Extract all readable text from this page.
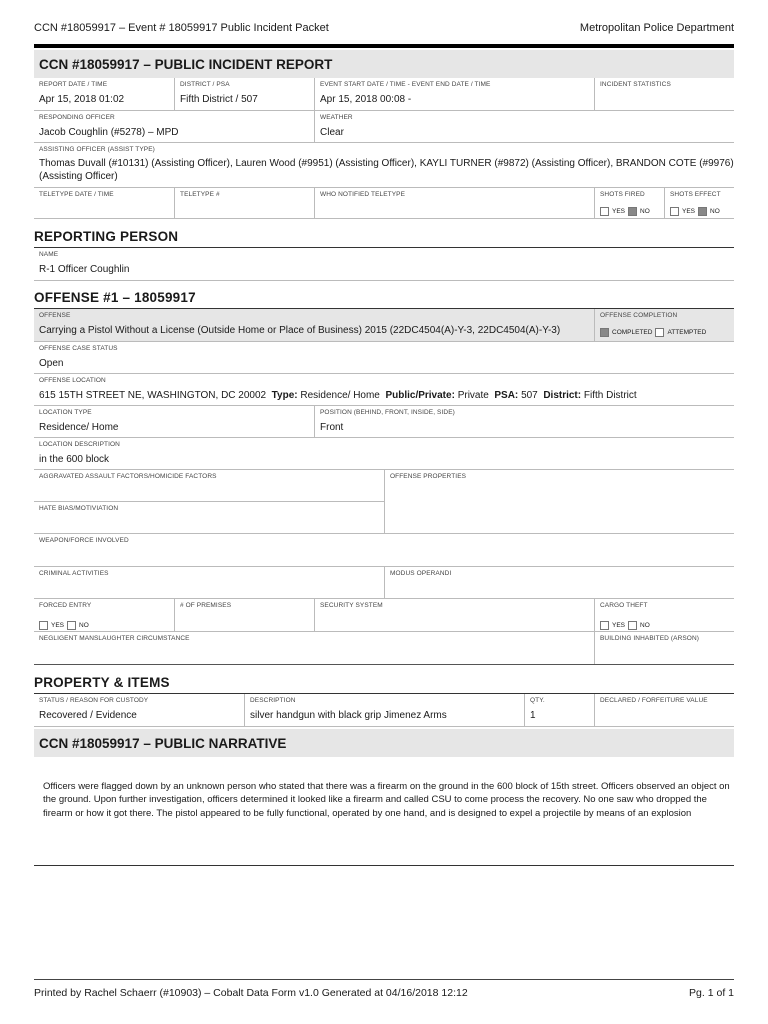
CCN #18059917 – Event # 18059917 Public Incident Packet	Metropolitan Police Department
CCN #18059917 – PUBLIC INCIDENT REPORT
REPORT DATE / TIME
Apr 15, 2018 01:02
DISTRICT / PSA
Fifth District / 507
EVENT START DATE / TIME - EVENT END DATE / TIME
Apr 15, 2018 00:08 -
INCIDENT STATISTICS
RESPONDING OFFICER
Jacob Coughlin (#5278) – MPD
WEATHER
Clear
ASSISTING OFFICER (ASSIST TYPE)
Thomas Duvall (#10131) (Assisting Officer), Lauren Wood (#9951) (Assisting Officer), KAYLI TURNER (#9872) (Assisting Officer), BRANDON COTE (#9976) (Assisting Officer)
TELETYPE DATE / TIME	TELETYPE #	WHO NOTIFIED TELETYPE	SHOTS FIRED
YES NO
SHOTS EFFECT
YES NO
REPORTING PERSON
NAME
R-1 Officer Coughlin
OFFENSE #1 – 18059917
OFFENSE
Carrying a Pistol Without a License (Outside Home or Place of Business) 2015 (22DC4504(A)-Y-3, 22DC4504(A)-Y-3)
OFFENSE COMPLETION
COMPLETED ATTEMPTED
OFFENSE CASE STATUS
Open
OFFENSE LOCATION
615 15TH STREET NE, WASHINGTON, DC 20002 Type: Residence/ Home Public/Private: Private PSA: 507 District: Fifth District
LOCATION TYPE
Residence/ Home
POSITION (BEHIND, FRONT, INSIDE, SIDE)
Front
LOCATION DESCRIPTION
in the 600 block
AGGRAVATED ASSAULT FACTORS/HOMICIDE FACTORS
HATE BIAS/MOTIVIATION
OFFENSE PROPERTIES
WEAPON/FORCE INVOLVED
CRIMINAL ACTIVITIES	MODUS OPERANDI
FORCED ENTRY
YES NO
# OF PREMISES	SECURITY SYSTEM	CARGO THEFT
YES NO
NEGLIGENT MANSLAUGHTER CIRCUMSTANCE	BUILDING INHABITED (ARSON)
PROPERTY & ITEMS
STATUS / REASON FOR CUSTODY
Recovered / Evidence
DESCRIPTION
silver handgun with black grip Jimenez Arms
QTY.
1
DECLARED / FORFEITURE VALUE
CCN #18059917 – PUBLIC NARRATIVE
Officers were flagged down by an unknown person who stated that there was a firearm on the ground in the 600 block of 15th street. Officers observed an object on the ground. Upon further investigation, officers determined it looked like a firearm and called CSU to come process the recovery. No one saw who dropped the firearm or how it got there. The pistol appeared to be fully functional, operated by one hand, and is designed to expel a projectile by means of an explosion
Printed by Rachel Schaerr (#10903) – Cobalt Data Form v1.0 Generated at 04/16/2018 12:12	Pg. 1 of 1
